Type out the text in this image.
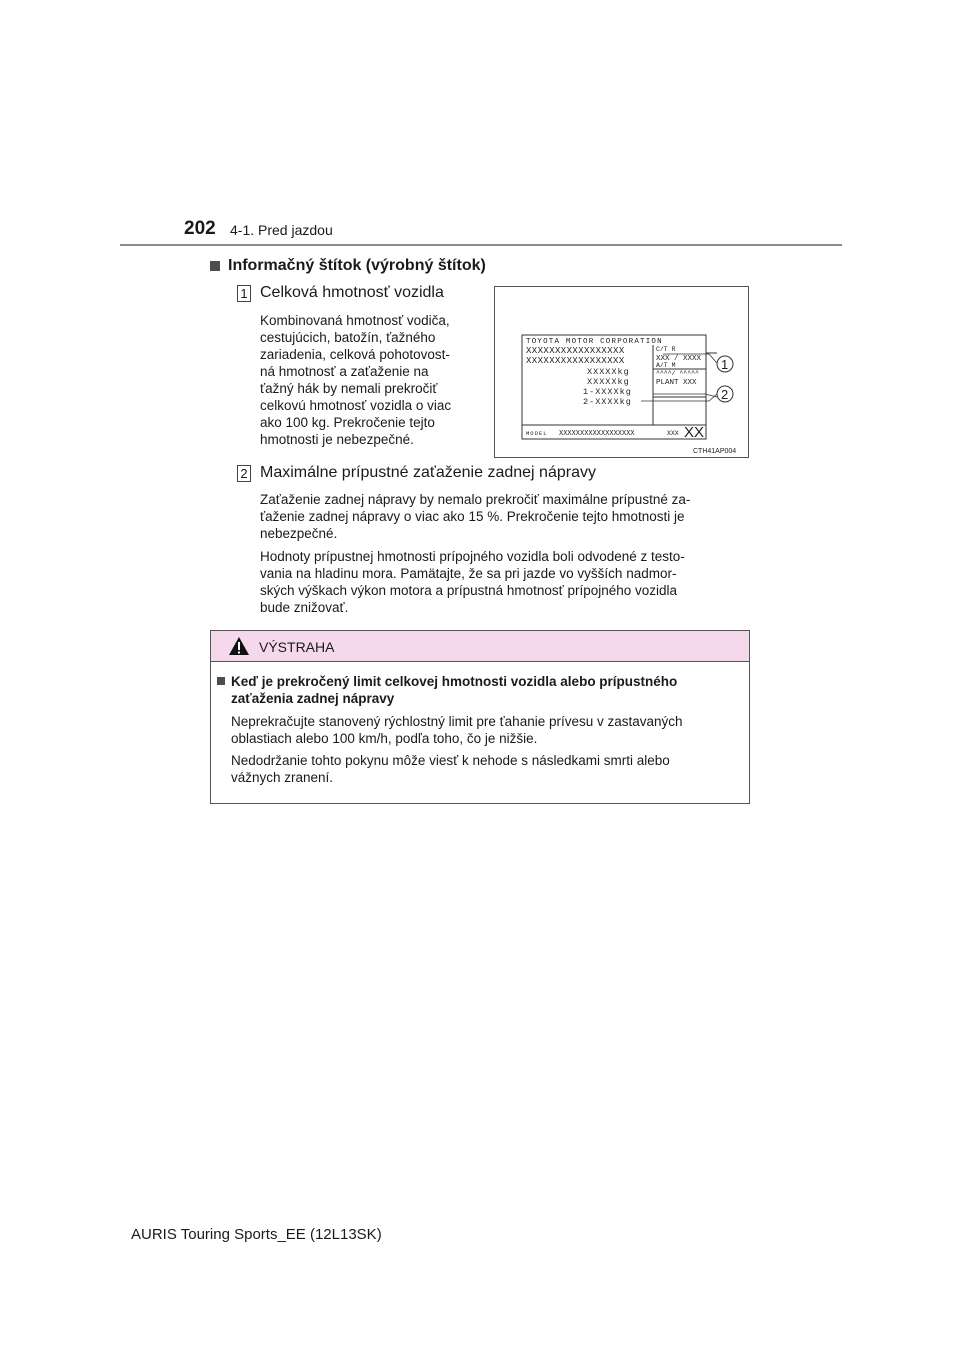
202 4-1. Pred jazdou
Informačný štítok (výrobný štítok)
1 Celková hmotnosť vozidla
Kombinovaná hmotnosť vodiča,
cestujúcich, batožín, ťažného
zariadenia, celková pohotovost-
ná hmotnosť a zaťaženie na
ťažný hák by nemali prekročiť
celkovú hmotnosť vozidla o viac
ako 100 kg. Prekročenie tejto
hmotnosti je nebezpečné.
TOYOTA MOTOR CORPORATION
XXXXXXXXXXXXXXXXX
XXXXXXXXXXXXXXXXX
C/T R
XXX / XXXX
A/T M
XXXXXkg
XXXXXkg
1-XXXXkg
2-XXXXkg
^^^^/ ^^^^^
PLANT XXX
MODEL XXXXXXXXXXXXXXXXXX	XXX XX
1
2
CTH41AP004
2 Maximálne prípustné zaťaženie zadnej nápravy
Zaťaženie zadnej nápravy by nemalo prekročiť maximálne prípustné za-
ťaženie zadnej nápravy o viac ako 15 %. Prekročenie tejto hmotnosti je
nebezpečné.
Hodnoty prípustnej hmotnosti prípojného vozidla boli odvodené z testo-
vania na hladinu mora. Pamätajte, že sa pri jazde vo vyšších nadmor-
ských výškach výkon motora a prípustná hmotnosť prípojného vozidla
bude znižovať.
VÝSTRAHA
Keď je prekročený limit celkovej hmotnosti vozidla alebo prípustného
zaťaženia zadnej nápravy
Neprekračujte stanovený rýchlostný limit pre ťahanie prívesu v zastavaných
oblastiach alebo 100 km/h, podľa toho, čo je nižšie.
Nedodržanie tohto pokynu môže viesť k nehode s následkami smrti alebo
vážnych zranení.
AURIS Touring Sports_EE (12L13SK)
